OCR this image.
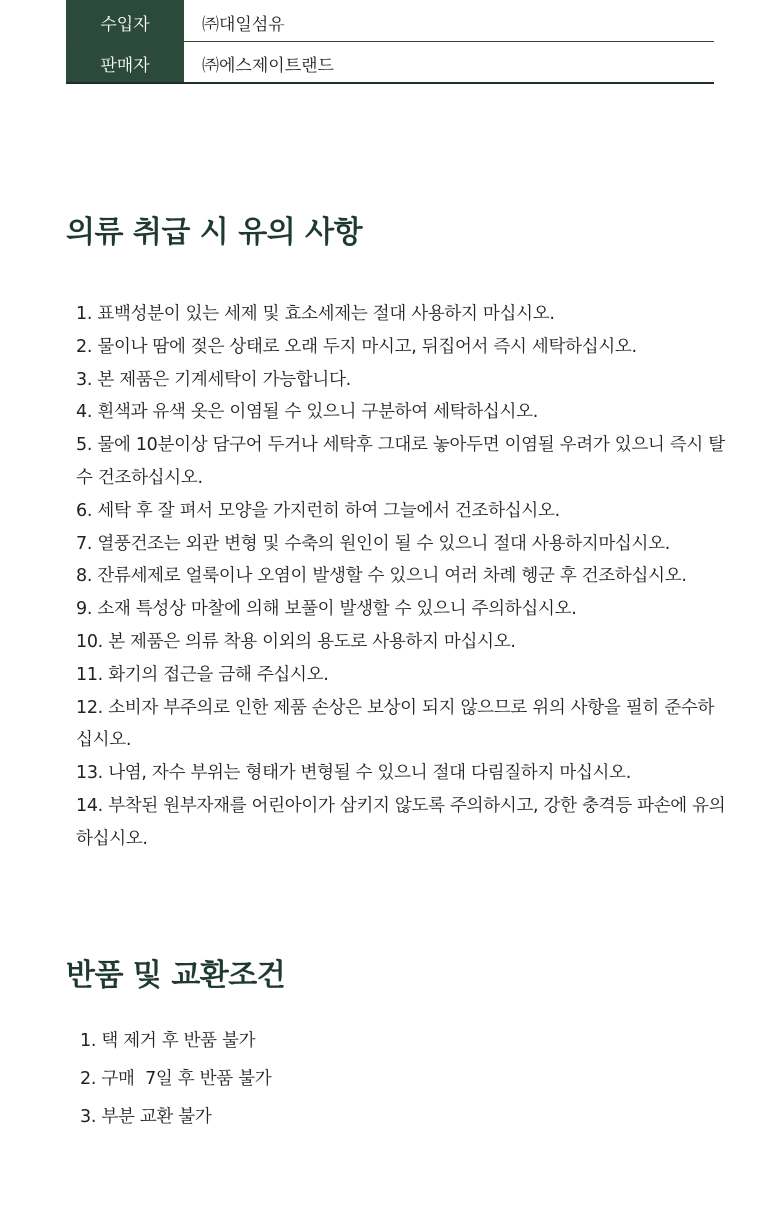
수입자	㈜대일섬유
판매자	㈜에스제이트랜드
의류 취급 시 유의 사항
1. 표백성분이 있는 세제 및 효소세제는 절대 사용하지 마십시오.
2. 물이나 땀에 젖은 상태로 오래 두지 마시고, 뒤집어서 즉시 세탁하십시오.
3. 본 제품은 기계세탁이 가능합니다.
4. 흰색과 유색 옷은 이염될 수 있으니 구분하여 세탁하십시오.
5. 물에 10분이상 담구어 두거나 세탁후 그대로 놓아두면 이염될 우려가 있으니 즉시 탈수 건조하십시오.
6. 세탁 후 잘 펴서 모양을 가지런히 하여 그늘에서 건조하십시오.
7. 열풍건조는 외관 변형 및 수축의 원인이 될 수 있으니 절대 사용하지마십시오.
8. 잔류세제로 얼룩이나 오염이 발생할 수 있으니 여러 차례 헹군 후 건조하십시오.
9. 소재 특성상 마찰에 의해 보풀이 발생할 수 있으니 주의하십시오.
10. 본 제품은 의류 착용 이외의 용도로 사용하지 마십시오.
11. 화기의 접근을 금해 주십시오.
12. 소비자 부주의로 인한 제품 손상은 보상이 되지 않으므로 위의 사항을 필히 준수하십시오.
13. 나염, 자수 부위는 형태가 변형될 수 있으니 절대 다림질하지 마십시오.
14. 부착된 원부자재를 어린아이가 삼키지 않도록 주의하시고, 강한 충격등 파손에 유의하십시오.
반품 및 교환조건
1. 택 제거 후 반품 불가
2. 구매  7일 후 반품 불가
3. 부분 교환 불가
